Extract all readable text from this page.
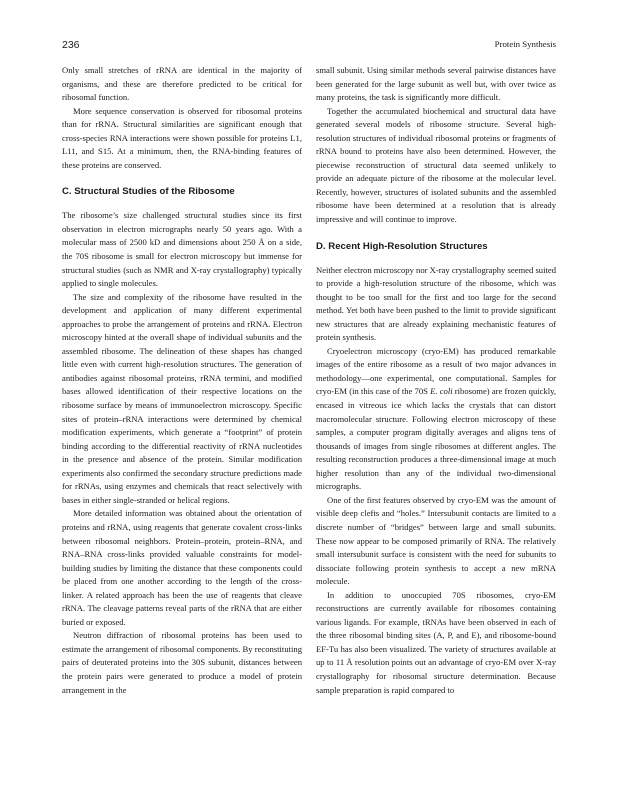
236	Protein Synthesis

Only small stretches of rRNA are identical in the majority of organisms, and these are therefore predicted to be critical for ribosomal function.

More sequence conservation is observed for ribosomal proteins than for rRNA. Structural similarities are significant enough that cross-species RNA interactions were shown possible for proteins L1, L11, and S15. At a minimum, then, the RNA-binding features of these proteins are conserved.

C. Structural Studies of the Ribosome

The ribosome’s size challenged structural studies since its first observation in electron micrographs nearly 50 years ago. With a molecular mass of 2500 kD and dimensions about 250 Å on a side, the 70S ribosome is small for electron microscopy but immense for structural studies (such as NMR and X-ray crystallography) typically applied to single molecules.

The size and complexity of the ribosome have resulted in the development and application of many different experimental approaches to probe the arrangement of proteins and rRNA. Electron microscopy hinted at the overall shape of individual subunits and the assembled ribosome. The delineation of these shapes has changed little even with current high-resolution structures. The generation of antibodies against ribosomal proteins, rRNA termini, and modified bases allowed identification of their respective locations on the ribosome surface by means of immunoelectron microscopy. Specific sites of protein–rRNA interactions were determined by chemical modification experiments, which generate a “footprint” of protein binding according to the differential reactivity of rRNA nucleotides in the presence and absence of the protein. Similar modification experiments also confirmed the secondary structure predictions made for rRNAs, using enzymes and chemicals that react selectively with bases in either single-stranded or helical regions.

More detailed information was obtained about the orientation of proteins and rRNA, using reagents that generate covalent cross-links between ribosomal neighbors. Protein–protein, protein–RNA, and RNA–RNA cross-links provided valuable constraints for model-building studies by limiting the distance that these components could be placed from one another according to the length of the cross-linker. A related approach has been the use of reagents that cleave rRNA. The cleavage patterns reveal parts of the rRNA that are either buried or exposed.

Neutron diffraction of ribosomal proteins has been used to estimate the arrangement of ribosomal components. By reconstituting pairs of deuterated proteins into the 30S subunit, distances between the protein pairs were generated to produce a model of protein arrangement in the

small subunit. Using similar methods several pairwise distances have been generated for the large subunit as well but, with over twice as many proteins, the task is significantly more difficult.

Together the accumulated biochemical and structural data have generated several models of ribosome structure. Several high-resolution structures of individual ribosomal proteins or fragments of rRNA bound to proteins have also been determined. However, the piecewise reconstruction of structural data seemed unlikely to provide an adequate picture of the ribosome at the molecular level. Recently, however, structures of isolated subunits and the assembled ribosome have been determined at a resolution that is already impressive and will continue to improve.

D. Recent High-Resolution Structures

Neither electron microscopy nor X-ray crystallography seemed suited to provide a high-resolution structure of the ribosome, which was thought to be too small for the first and too large for the second method. Yet both have been pushed to the limit to provide significant new structures that are already explaining mechanistic features of protein synthesis.

Cryoelectron microscopy (cryo-EM) has produced remarkable images of the entire ribosome as a result of two major advances in methodology—one experimental, one computational. Samples for cryo-EM (in this case of the 70S E. coli ribosome) are frozen quickly, encased in vitreous ice which lacks the crystals that can distort macromolecular structure. Following electron microscopy of these samples, a computer program digitally averages and aligns tens of thousands of images from single ribosomes at different angles. The resulting reconstruction produces a three-dimensional image at much higher resolution than any of the individual two-dimensional micrographs.

One of the first features observed by cryo-EM was the amount of visible deep clefts and “holes.” Intersubunit contacts are limited to a discrete number of “bridges” between large and small subunits. These now appear to be composed primarily of RNA. The relatively small intersubunit surface is consistent with the need for subunits to dissociate following protein synthesis to accept a new mRNA molecule.

In addition to unoccupied 70S ribosomes, cryo-EM reconstructions are currently available for ribosomes containing various ligands. For example, tRNAs have been observed in each of the three ribosomal binding sites (A, P, and E), and ribosome-bound EF-Tu has also been visualized. The variety of structures available at up to 11 Å resolution points out an advantage of cryo-EM over X-ray crystallography for ribosomal structure determination. Because sample preparation is rapid compared to
